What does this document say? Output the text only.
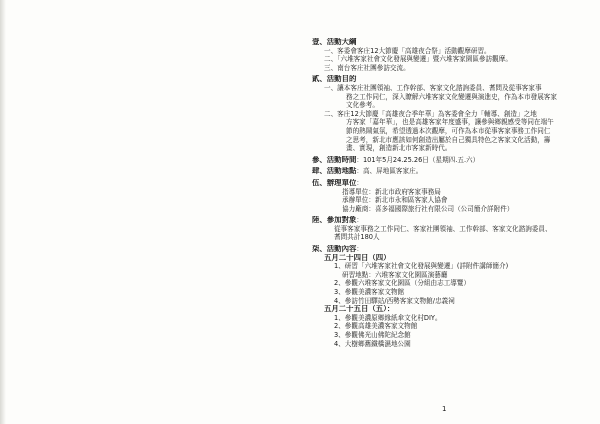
壹、活動大綱
一、客委會客庄12大節慶「高雄夜合祭」活動觀摩研習。
二、「六堆客家社會文化發展與變遷」暨六堆客家園區參訪觀摩。
三、南台客庄社團參訪交流。
貳、活動目的
一、讓本客庄社團領袖、工作幹部、客家文化諮詢委員、耆問及從事客家事
務之工作同仁，深入瞭解六堆客家文化變遷與演進史，作為本市發展客家
文化參考。
二、客庄12大節慶「高雄夜合季年華」為客委會全力「輔導、創造」之地
方客家「嘉年華」，也是高雄客家年度盛事，讓參與鄉親感受等同在端午
節的熱鬧氣氛，希望透過本次觀摩，可作為本市從事客家事務工作同仁
之思考，新北市應該如何創造出屬於自己獨具特色之客家文化活動，籌
畫、實現，創造新北市客家新時代。
參、活動時間：101年5月24.25.26日（星期四.五.六）
肆、活動地點：高、屏地區客家庄。
伍、辦理單位：
指導單位：新北市政府客家事務局
承辦單位：新北市永和區客家人協會
協力廠商：喜多福國際旅行社有限公司（公司簡介詳附件）
陸、參加對象：
從事客家事務之工作同仁、客家社團領袖、工作幹部、客家文化諮詢委員、
耆問共計180人
柒、活動內容：
五月二十四日（四）
1、研習「六堆客家社會文化發展與變遷」(詳附件講師簡介)
研習地點：六堆客家文化園區演藝廳
2、參觀六堆客家文化園區（分組由志工導覽）
3、參觀美濃客家文物館
4、參訪竹田驛站/西勢客家文物館/忠義祠
五月二十五日（五）：
1、參觀美濃原鄉緣紙傘文化村DIY。
2、參觀高雄美濃客家文物館
3、參觀佛光山佛陀紀念館
4、大樹鄉舊鐵橋濕地公園
1
